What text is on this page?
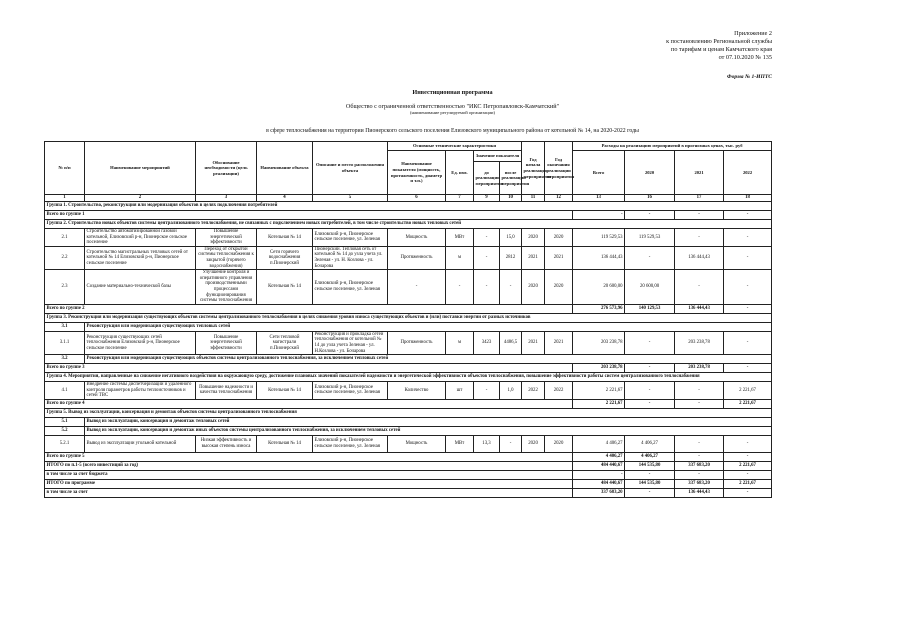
Приложение 2
к постановлению Региональной службы
по тарифам и ценам Камчатского края
от 07.10.2020 № 135
Форма № 1-ИПТС
Инвестиционная программа
Общество с ограниченной ответственностью "ИКС Петропавловск-Камчатский"
(наименование регулируемой организации)
в сфере теплоснабжения на территории Пионерского сельского поселения Елизовского муниципального района от котельной № 14, на 2020-2022 годы
№ п/п	Наименование мероприятий	Обоснование необходимости (цель реализации)	Наименование объекта	Описание и место расположения объекта	Основные технические характеристики				Год начала реализации мероприятия	Год окончания реализации мероприятия	Расходы на реализацию мероприятий в прогнозных ценах, тыс. руб			
					Наименование показателя (мощность, протяженность, диаметр и т.п.)	Ед. изм.	Значение показателя				Всего	2020	2021	2022
							до реализации мероприятия	после реализации мероприятия						
1	2	3	4	5	6	7	9	10	11	12	13	16	17	18
Группа 1. Строительство, реконструкция или модернизация объектов в целях подключения потребителей														
Всего по группе 1											-	-	-	-
Группа 2. Строительство новых объектов системы централизованного теплоснабжения, не связанных с подключением новых потребителей, в том числе строительство новых тепловых сетей														
2.1	Строительство автоматизированной газовой котельной, Елизовский р-н, Пионерское сельское поселение	Повышение энергетической эффективности	Котельная № 14	Елизовский р-н, Пионерское сельское поселение, ул. Зеленая	Мощность	МВт	-	15,0	2020	2020	119 529,53	119 529,53	-	-
2.2	Строительство магистральных тепловых сетей от котельной № 14 Елизовский р-н, Пионерское сельское поселение	Переход от открытой системы теплоснабжения к закрытой (горячего водоснабжения)	Сети горячего водоснабжения п.Пионерский	Пионерский. Тепловая сеть от котельной № 14 до узла учета ул. Зеленая - ул. Н. Козлова - ул. Бочарова	Протяженность	м	-	2812	2021	2021	136 444,43	-	136 444,43	-
2.3	Создание материально-технической базы	Улучшение контроля и оперативного управления производственными процессами функционирования системы теплоснабжения	Котельная № 14	Елизовский р-н, Пионерское сельское поселение, ул. Зеленая	-	-	-	-	2020	2020	20 600,00	20 600,00	-	-
Всего по группе 2											276 573,96	140 129,53	136 444,43	-
Группа 3. Реконструкция или модернизация существующих объектов системы централизованного теплоснабжения в целях снижения уровня износа существующих объектов и (или) поставки энергии от разных источников														
3.1	Реконструкция или модернизация существующих тепловых сетей													
3.1.1	Реконструкция существующих сетей теплоснабжения Елизовский р-н, Пионерское сельское поселение	Повышение энергетической эффективности	Сети тепловой магистрали п.Пионерский	Реконструкция и прокладка сетей теплоснабжения от котельной № 14 до узла учета Зеленая - ул. Н.Козлова - ул. Бочарова	Протяженность	м	3423	4486,5	2021	2021	203 238,78	-	203 238,78	-
3.2	Реконструкция или модернизация существующих объектов системы централизованного теплоснабжения, за исключением тепловых сетей													
Всего по группе 3											203 238,78	-	203 238,78	-
Группа 4. Мероприятия, направленные на снижение негативного воздействия на окружающую среду, достижение плановых значений показателей надежности и энергетической эффективности объектов теплоснабжения, повышение эффективности работы систем централизованного теплоснабжения														
4.1	Внедрение системы диспетчеризации и удаленного контроля параметров работы теплоисточников и сетей ТВС	Повышение надежности и качества теплоснабжения	Котельная № 14	Елизовский р-н, Пионерское сельское поселение, ул. Зеленая	Количество	шт	-	1,0	2022	2022	2 221,67	-	-	2 221,67
Всего по группе 4											2 221,67	-	-	2 221,67
Группа 5. Вывод из эксплуатации, консервация и демонтаж объектов системы централизованного теплоснабжения														
5.1	Вывод из эксплуатации, консервация и демонтаж тепловых сетей													
5.2	Вывод из эксплуатации, консервация и демонтаж иных объектов системы централизованного теплоснабжения, за исключением тепловых сетей													
5.2.1	Вывод из эксплуатации угольной котельной	Низкая эффективность и высокая степень износа	Котельная № 14	Елизовский р-н, Пионерское сельское поселение, ул. Зеленая	Мощность	МВт	13,3	-	2020	2020	4 406,27	4 406,27	-	-
Всего по группе 5											4 406,27	4 406,27	-	-
ИТОГО по п.1-5 (всего инвестиций за год)											484 440,67	144 535,80	337 683,20	2 221,67
в том числе за счет бюджета											-	-	-	-
ИТОГО по программе											484 440,67	144 535,80	337 683,20	2 221,67
в том числе за счет											337 683,20	-	136 444,43	-
